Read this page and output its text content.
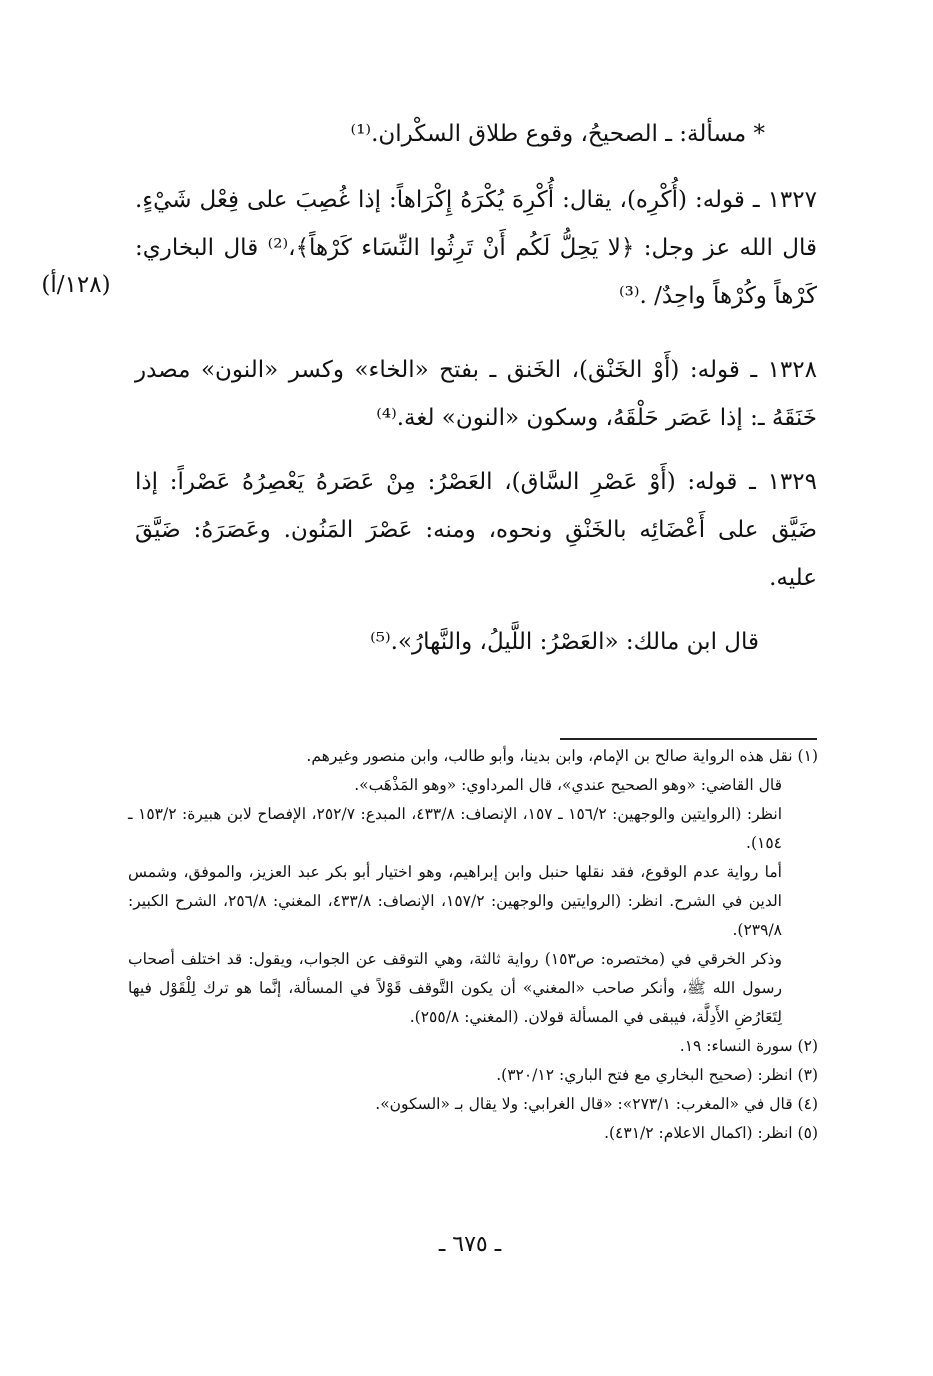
* مسألة: ـ الصحيحُ، وقوع طلاق السكْران.⁽¹⁾
(١٢٨/أ)

١٣٢٧ ـ قوله: (أُكْرِه)، يقال: أُكْرِهَ يُكْرَهُ إِكْرَاهاً: إذا غُصِبَ على فِعْل شَيْءٍ. قال الله عز وجل: ﴿لا يَحِلُّ لَكُم أَنْ تَرِثُوا النِّسَاء كَرْهاً﴾،⁽²⁾ قال البخاري: كَرْهاً وكُرْهاً واحِدٌ/ .⁽³⁾

١٣٢٨ ـ قوله: (أَوْ الخَنْق)، الخَنق ـ بفتح «الخاء» وكسر «النون» مصدر خَنَقَهُ ـ: إذا عَصَر حَلْقَهُ، وسكون «النون» لغة.⁽⁴⁾

١٣٢٩ ـ قوله: (أَوْ عَصْرِ السَّاق)، العَصْرُ: مِنْ عَصَرهُ يَعْصِرُهُ عَصْراً: إذا ضَيَّق على أَعْضَائِه بالخَنْقِ ونحوه، ومنه: عَصْرَ المَنُون. وعَصَرَهُ: ضَيَّقَ عليه.

قال ابن مالك: «العَصْرُ: اللَّيلُ، والنَّهارُ».⁽⁵⁾

(١) نقل هذه الرواية صالح بن الإمام، وابن بدينا، وأبو طالب، وابن منصور وغيرهم.

قال القاضي: «وهو الصحيح عندي»، قال المرداوي: «وهو المَذْهَب».

انظر: (الروايتين والوجهين: ١٥٦/٢ ـ ١٥٧، الإنصاف: ٤٣٣/٨، المبدع: ٢٥٢/٧، الإفصاح لابن هبيرة: ١٥٣/٢ ـ ١٥٤).

أما رواية عدم الوقوع، فقد نقلها حنبل وابن إبراهيم، وهو اختيار أبو بكر عبد العزيز، والموفق، وشمس الدين في الشرح. انظر: (الروايتين والوجهين: ١٥٧/٢، الإنصاف: ٤٣٣/٨، المغني: ٢٥٦/٨، الشرح الكبير: ٢٣٩/٨).

وذكر الخرقي في (مختصره: ص١٥٣) رواية ثالثة، وهي التوقف عن الجواب، ويقول: قد اختلف أصحاب رسول الله ﷺ، وأنكر صاحب «المغني» أن يكون التَّوقف قَوْلاً في المسألة، إنَّما هو ترك لِلْقَوْل فيها لِتَعَارُضِ الأَدِلَّة، فيبقى في المسألة قولان. (المغني: ٢٥٥/٨).

(٢) سورة النساء: ١٩.

(٣) انظر: (صحيح البخاري مع فتح الباري: ٣٢٠/١٢).

(٤) قال في «المغرب: ٢٧٣/١»: «قال الغرابي: ولا يقال بـ «السكون».

(٥) انظر: (اكمال الاعلام: ٤٣١/٢).

ـ ٦٧٥ ـ
